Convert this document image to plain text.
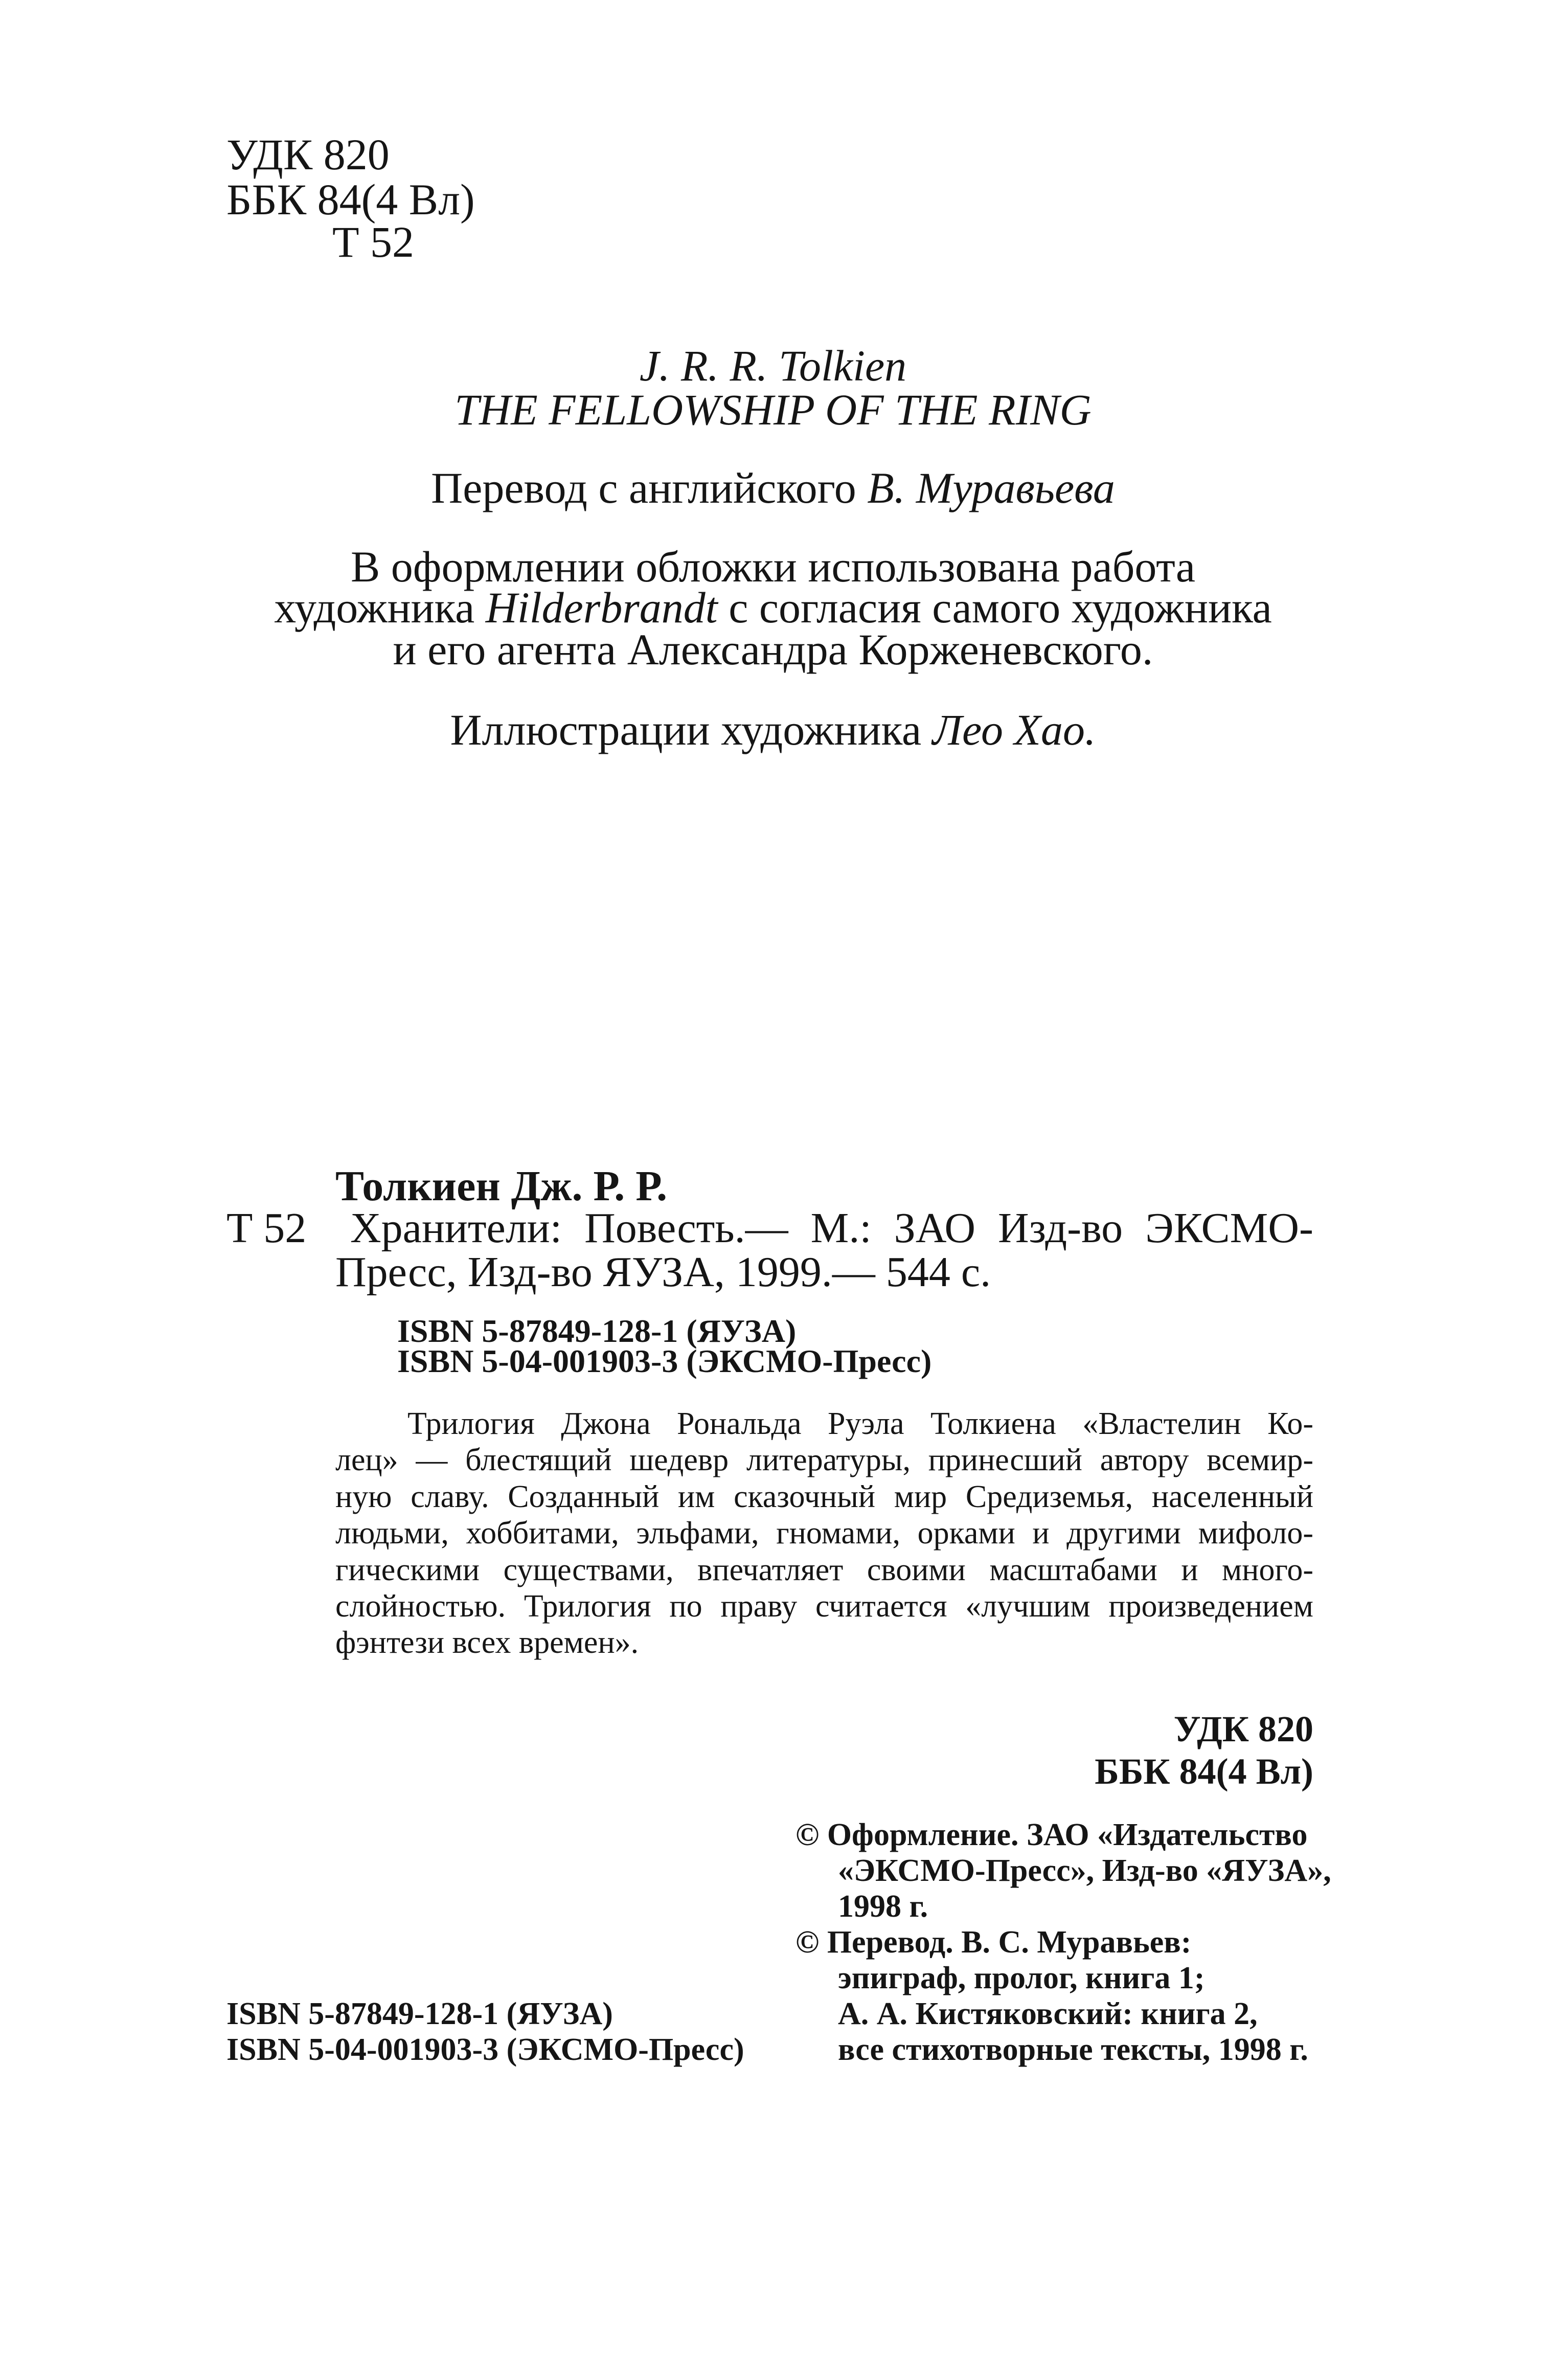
УДК 820
ББК 84(4 Вл)
Т 52
J. R. R. Tolkien
THE FELLOWSHIP OF THE RING
Перевод с английского В. Муравьева
В оформлении обложки использована работа
художника Hilderbrandt с согласия самого художника
и его агента Александра Корженевского.
Иллюстрации художника Лео Хао.
Толкиен Дж. Р. Р.
Т 52 Хранители: Повесть.— М.: ЗАО Изд-во ЭКСМО-
Пресс, Изд-во ЯУЗА, 1999.— 544 с.
ISBN 5-87849-128-1 (ЯУЗА)
ISBN 5-04-001903-3 (ЭКСМО-Пресс)
Трилогия Джона Рональда Руэла Толкиена «Властелин Ко-
лец» — блестящий шедевр литературы, принесший автору всемир-
ную славу. Созданный им сказочный мир Средиземья, населенный
людьми, хоббитами, эльфами, гномами, орками и другими мифоло-
гическими существами, впечатляет своими масштабами и много-
слойностью. Трилогия по праву считается «лучшим произведением
фэнтези всех времен».
УДК 820
ББК 84(4 Вл)
© Оформление. ЗАО «Издательство
«ЭКСМО-Пресс», Изд-во «ЯУЗА»,
1998 г.
© Перевод. В. С. Муравьев:
эпиграф, пролог, книга 1;
А. А. Кистяковский: книга 2,
все стихотворные тексты, 1998 г.
ISBN 5-87849-128-1 (ЯУЗА)
ISBN 5-04-001903-3 (ЭКСМО-Пресс)
